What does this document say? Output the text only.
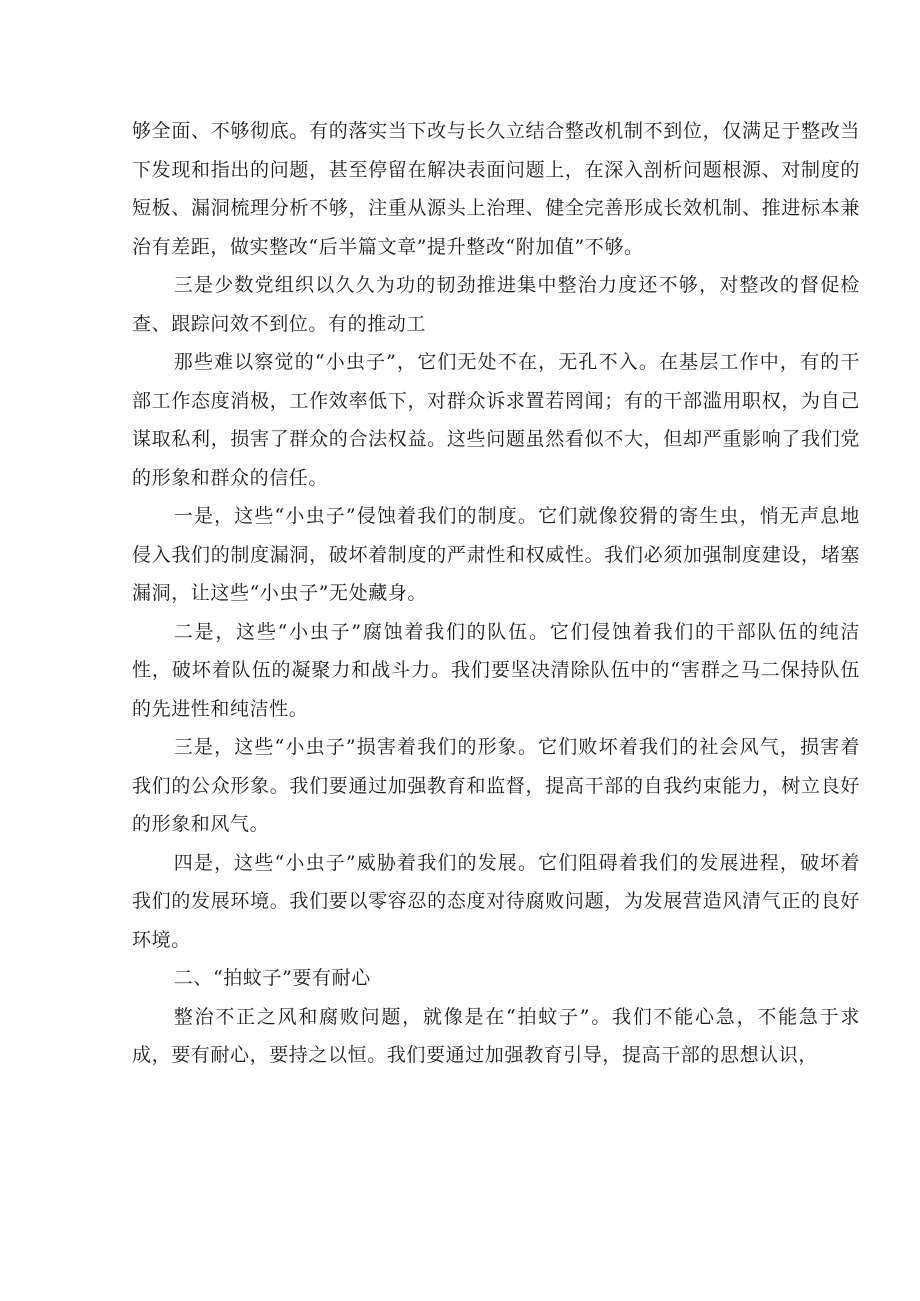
够全面、不够彻底。有的落实当下改与长久立结合整改机制不到位，仅满足于整改当下发现和指出的问题，甚至停留在解决表面问题上，在深入剖析问题根源、对制度的短板、漏洞梳理分析不够，注重从源头上治理、健全完善形成长效机制、推进标本兼治有差距，做实整改“后半篇文章”提升整改“附加值”不够。

三是少数党组织以久久为功的韧劲推进集中整治力度还不够，对整改的督促检查、跟踪问效不到位。有的推动工

那些难以察觉的“小虫子”，它们无处不在，无孔不入。在基层工作中，有的干部工作态度消极，工作效率低下，对群众诉求置若罔闻；有的干部滥用职权，为自己谋取私利，损害了群众的合法权益。这些问题虽然看似不大，但却严重影响了我们党的形象和群众的信任。

一是，这些“小虫子”侵蚀着我们的制度。它们就像狡猾的寄生虫，悄无声息地侵入我们的制度漏洞，破坏着制度的严肃性和权威性。我们必须加强制度建设，堵塞漏洞，让这些“小虫子”无处藏身。

二是，这些“小虫子”腐蚀着我们的队伍。它们侵蚀着我们的干部队伍的纯洁性，破坏着队伍的凝聚力和战斗力。我们要坚决清除队伍中的“害群之马二保持队伍的先进性和纯洁性。

三是，这些“小虫子”损害着我们的形象。它们败坏着我们的社会风气，损害着我们的公众形象。我们要通过加强教育和监督，提高干部的自我约束能力，树立良好的形象和风气。

四是，这些“小虫子”威胁着我们的发展。它们阻碍着我们的发展进程，破坏着我们的发展环境。我们要以零容忍的态度对待腐败问题，为发展营造风清气正的良好环境。

二、“拍蚊子”要有耐心

整治不正之风和腐败问题，就像是在“拍蚊子”。我们不能心急，不能急于求成，要有耐心，要持之以恒。我们要通过加强教育引导，提高干部的思想认识，
